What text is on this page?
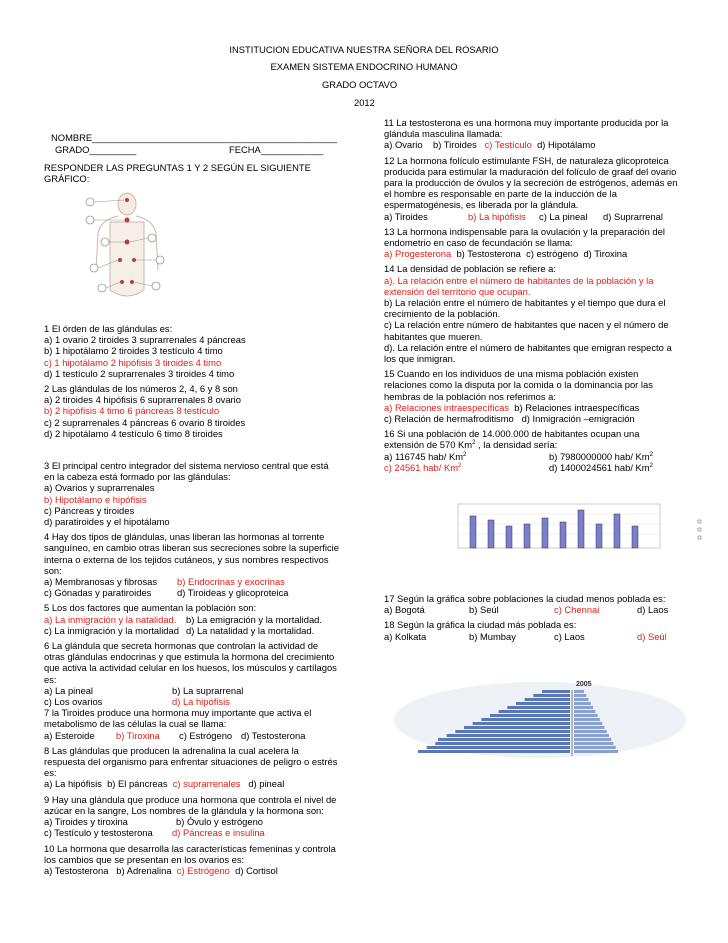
INSTITUCION EDUCATIVA NUESTRA SEÑORA DEL ROSARIO
EXAMEN SISTEMA ENDOCRINO HUMANO
GRADO OCTAVO
2012
NOMBRE_______________________________________________
GRADO_________	FECHA____________
RESPONDER LAS PREGUNTAS 1 Y 2 SEGÚN EL SIGUIENTE GRÁFICO:

1 El órden de las glándulas es:

a) 1 ovario 2 tiroides 3 suprarrenales 4 páncreas

b) 1 hipotálamo 2 tiroides 3 testículo 4 timo

c) 1 hipotálamo 2 hipófisis 3 tiroides 4 timo

d) 1 testículo 2 suprarrenales 3 tiroides 4 timo

2 Las glándulas de los números 2, 4, 6 y 8 son

a) 2 tiroides 4 hipófisis 6 suprarrenales 8 ovario

b) 2 hipófisis 4 timo 6 páncreas 8 testículo

c) 2 suprarrenales 4 páncreas 6 ovario 8 tiroides

d) 2 hipotálamo 4 testículo 6 timo 8 tiroides

3 El principal centro integrador del sistema nervioso central que está

en la cabeza está formado por las glándulas:

a) Ovarios y suprarrenales

b) Hipotálamo e hipófisis

c) Páncreas y tiroides

d) paratiroides y el hipotálamo

4 Hay dos tipos de glándulas, unas liberan las hormonas al torrente

sanguíneo, en cambio otras liberan sus secreciones sobre la superficie

interna o externa de los tejidos cutáneos, y sus nombres respectivos

son:

a) Membranosas y fibrosas b) Endocrinas y exocrinas

c) Gónadas y paratiroides	d) Tiroideas y glicoproteica

5 Los dos factores que aumentan la población son:

a) La inmigración y la natalidad. b) La emigración y la mortalidad.

c) La inmigración y la mortalidad d) La natalidad y la mortalidad.

6 La glándula que secreta hormonas que controlan la actividad de

otras glándulas endocrinas y que estimula la hormona del crecimiento

que activa la actividad celular en los huesos, los músculos y cartílagos

es:

a) La pineal	b) La suprarrenal

c) Los ovarios	d) La hipófisis

7 la Tiroides produce una hormona muy importante que activa el

metabolismo de las células la cual se llama:

a) Esteroide b) Tiroxina c) Estrógeno d) Testosterona

8 Las glándulas que producen la adrenalina la cual acelera la

respuesta del organismo para enfrentar situaciones de peligro o estrés

es:

a) La hipófisis b) El páncreas c) suprarrenales d) pineal

9 Hay una glándula que produce una hormona que controla el nivel de

azúcar en la sangre, Los nombres de la glándula y la hormona son:

a) Tiroides y tiroxina	b) Óvulo y estrógeno

c) Testículo y testosterona d) Páncreas e insulina

10 La hormona que desarrolla las características femeninas y controla

los cambios que se presentan en los ovarios es:

a) Testosterona b) Adrenalina c) Estrógeno d) Cortisol

11 La testosterona es una hormona muy importante producida por la

glándula masculina llamada:

a) Ovario b) Tiroides c) Testículo d) Hipotálamo

12 La hormona folículo estimulante FSH, de naturaleza glicoproteica

producida para estimular la maduración del folículo de graaf del ovario

para la producción de óvulos y la secreción de estrógenos, además en

el hombre es responsable en parte de la inducción de la

espermatogénesis, es liberada por la glándula.

a) Tiroides	b) La hipófisis c) La pineal d) Suprarrenal

13 La hormona indispensable para la ovulación y la preparación del

endometrio en caso de fecundación se llama:

a) Progesterona b) Testosterona c) estrógeno d) Tiroxina

14 La densidad de población se refiere a:

a). La relación entre el número de habitantes de la población y la

extensión del territorio que ocupan.

b) La relación entre el número de habitantes y el tiempo que dura el

crecimiento de la población.

c) La relación entre número de habitantes que nacen y el número de

habitantes que mueren.

d). La relación entre el número de habitantes que emigran respecto a

los que inmigran.

15 Cuando en los individuos de una misma población existen

relaciones como la disputa por la comida o la dominancia por las

hembras de la población nos referimos a:

a) Relaciones intraespecíficas b) Relaciones intraespecíficas

c) Relación de hermafroditismo d) Inmigración –emigración

16 Si una población de 14.000.000 de habitantes ocupan una

extensión de 570 Km$^2$ , la densidad sería:

a) 116745 hab/ Km$^2$	b) 7980000000 hab/ Km$^2$

c) 24561 hab/ Km$^2$	d) 1400024561 hab/ Km$^2$

17 Según la gráfica sobre poblaciones la ciudad menos poblada es:

a) Bogotá	b) Seúl	c) Chennai	d) Laos

18 Según la gráfica la ciudad más poblada es:

a) Kolkata	b) Mumbay	c) Laos	d) Seúl

2005
